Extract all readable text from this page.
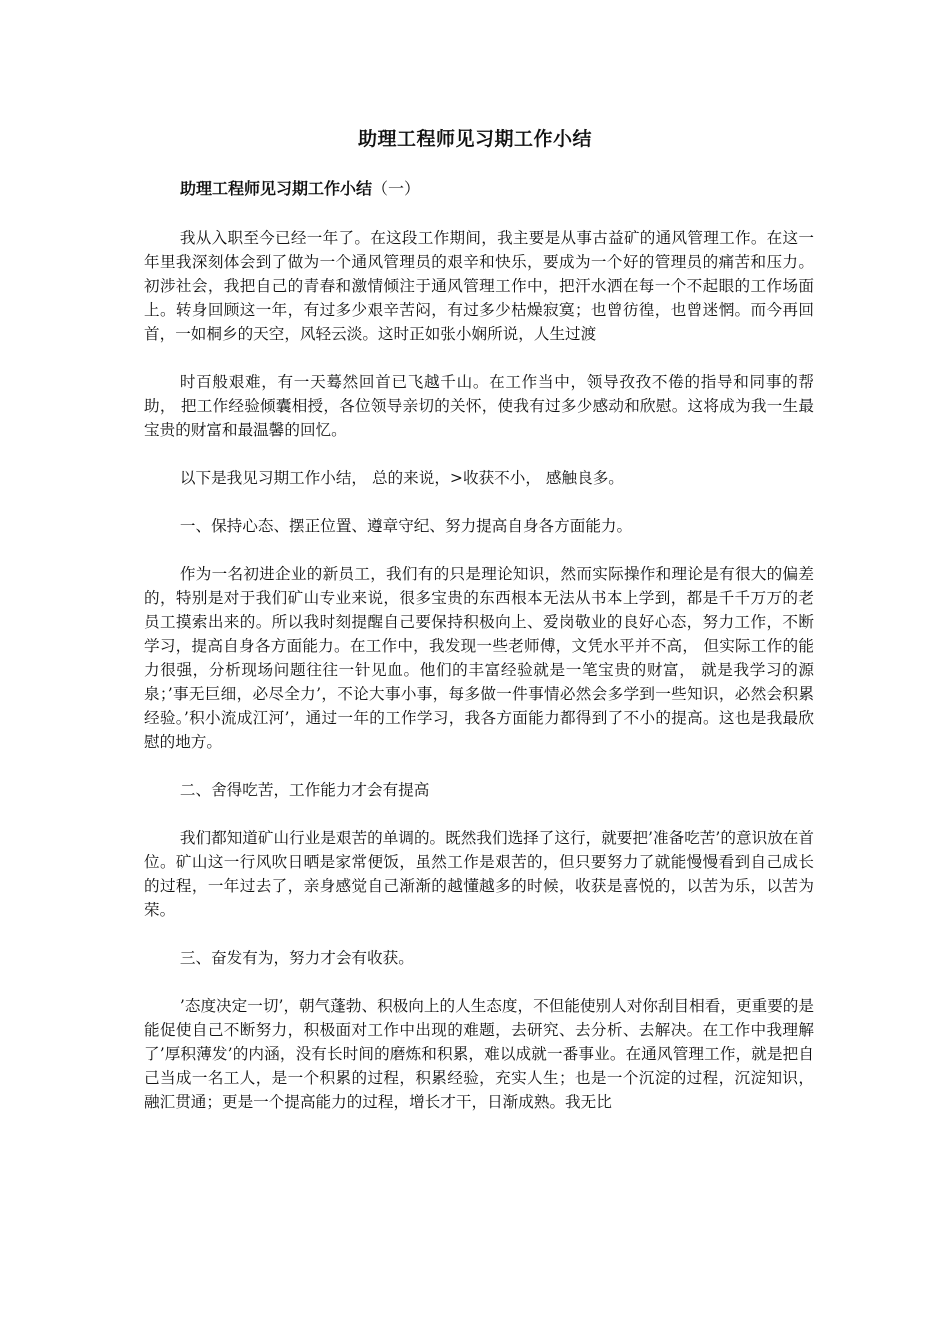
助理工程师见习期工作小结
助理工程师见习期工作小结（一）

我从入职至今已经一年了。在这段工作期间，我主要是从事古益矿的通风管理工作。在这一年里我深刻体会到了做为一个通风管理员的艰辛和快乐，要成为一个好的管理员的痛苦和压力。初涉社会，我把自己的青春和激情倾注于通风管理工作中，把汗水洒在每一个不起眼的工作场面上。转身回顾这一年，有过多少艰辛苦闷，有过多少枯燥寂寞；也曾彷徨，也曾迷惘。而今再回首，一如桐乡的天空，风轻云淡。这时正如张小娴所说，人生过渡

时百般艰难，有一天蓦然回首已飞越千山。在工作当中，领导孜孜不倦的指导和同事的帮助， 把工作经验倾囊相授，各位领导亲切的关怀，使我有过多少感动和欣慰。这将成为我一生最宝贵的财富和最温馨的回忆。

以下是我见习期工作小结， 总的来说，>收获不小， 感触良多。

一、保持心态、摆正位置、遵章守纪、努力提高自身各方面能力。

作为一名初进企业的新员工，我们有的只是理论知识，然而实际操作和理论是有很大的偏差的，特别是对于我们矿山专业来说，很多宝贵的东西根本无法从书本上学到，都是千千万万的老员工摸索出来的。所以我时刻提醒自己要保持积极向上、爱岗敬业的良好心态，努力工作，不断学习，提高自身各方面能力。在工作中，我发现一些老师傅，文凭水平并不高， 但实际工作的能力很强，分析现场问题往往一针见血。他们的丰富经验就是一笔宝贵的财富， 就是我学习的源泉；’事无巨细，必尽全力’，不论大事小事，每多做一件事情必然会多学到一些知识，必然会积累经验。’积小流成江河’，通过一年的工作学习，我各方面能力都得到了不小的提高。这也是我最欣慰的地方。

二、舍得吃苦，工作能力才会有提高

我们都知道矿山行业是艰苦的单调的。既然我们选择了这行，就要把’准备吃苦’的意识放在首位。矿山这一行风吹日晒是家常便饭，虽然工作是艰苦的，但只要努力了就能慢慢看到自己成长的过程，一年过去了，亲身感觉自己渐渐的越懂越多的时候，收获是喜悦的，以苦为乐，以苦为荣。

三、奋发有为，努力才会有收获。

’态度决定一切’，朝气蓬勃、积极向上的人生态度，不但能使别人对你刮目相看，更重要的是能促使自己不断努力，积极面对工作中出现的难题，去研究、去分析、去解决。在工作中我理解了’厚积薄发’的内涵，没有长时间的磨炼和积累，难以成就一番事业。在通风管理工作，就是把自己当成一名工人，是一个积累的过程，积累经验，充实人生；也是一个沉淀的过程，沉淀知识，融汇贯通；更是一个提高能力的过程，增长才干，日渐成熟。我无比
